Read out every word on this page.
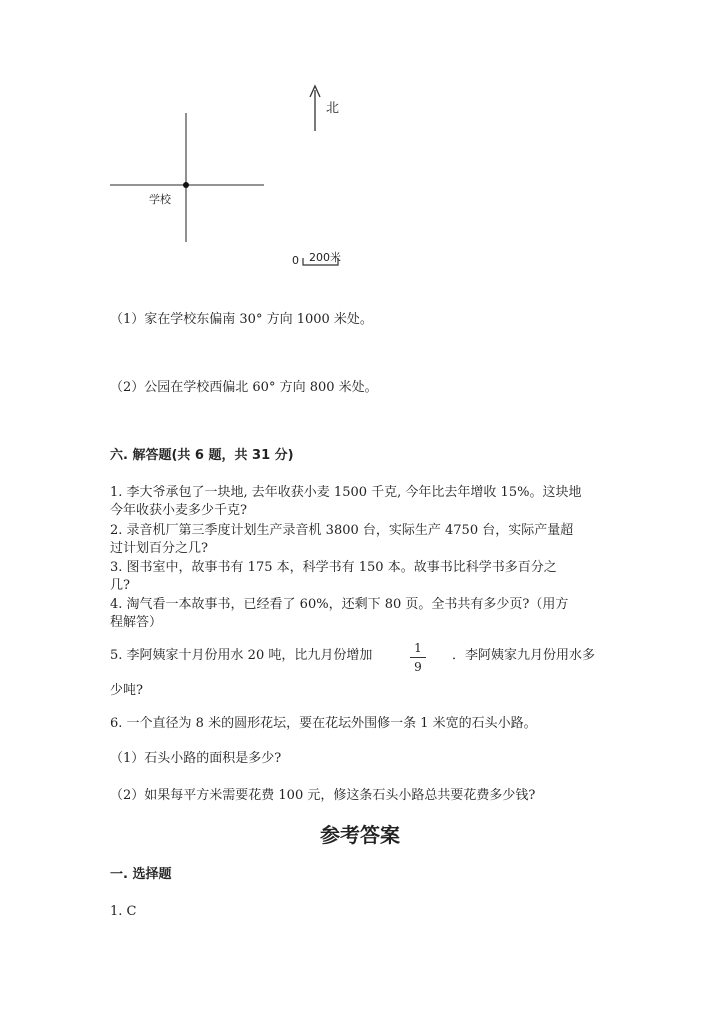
北
学校
0 200米
（1）家在学校东偏南 30° 方向 1000 米处。
（2）公园在学校西偏北 60° 方向 800 米处。
六. 解答题(共 6 题，共 31 分)
1. 李大爷承包了一块地, 去年收获小麦 1500 千克, 今年比去年增收 15%。这块地
今年收获小麦多少千克?
2. 录音机厂第三季度计划生产录音机 3800 台，实际生产 4750 台，实际产量超
过计划百分之几?
3. 图书室中，故事书有 175 本，科学书有 150 本。故事书比科学书多百分之
几?
4. 淘气看一本故事书，已经看了 60%，还剩下 80 页。全书共有多少页?（用方
程解答）
5. 李阿姨家十月份用水 20 吨，比九月份增加	1
9
．李阿姨家九月份用水多
少吨?
6. 一个直径为 8 米的圆形花坛，要在花坛外围修一条 1 米宽的石头小路。
（1）石头小路的面积是多少?
（2）如果每平方米需要花费 100 元，修这条石头小路总共要花费多少钱?
参考答案
一. 选择题
1. C
